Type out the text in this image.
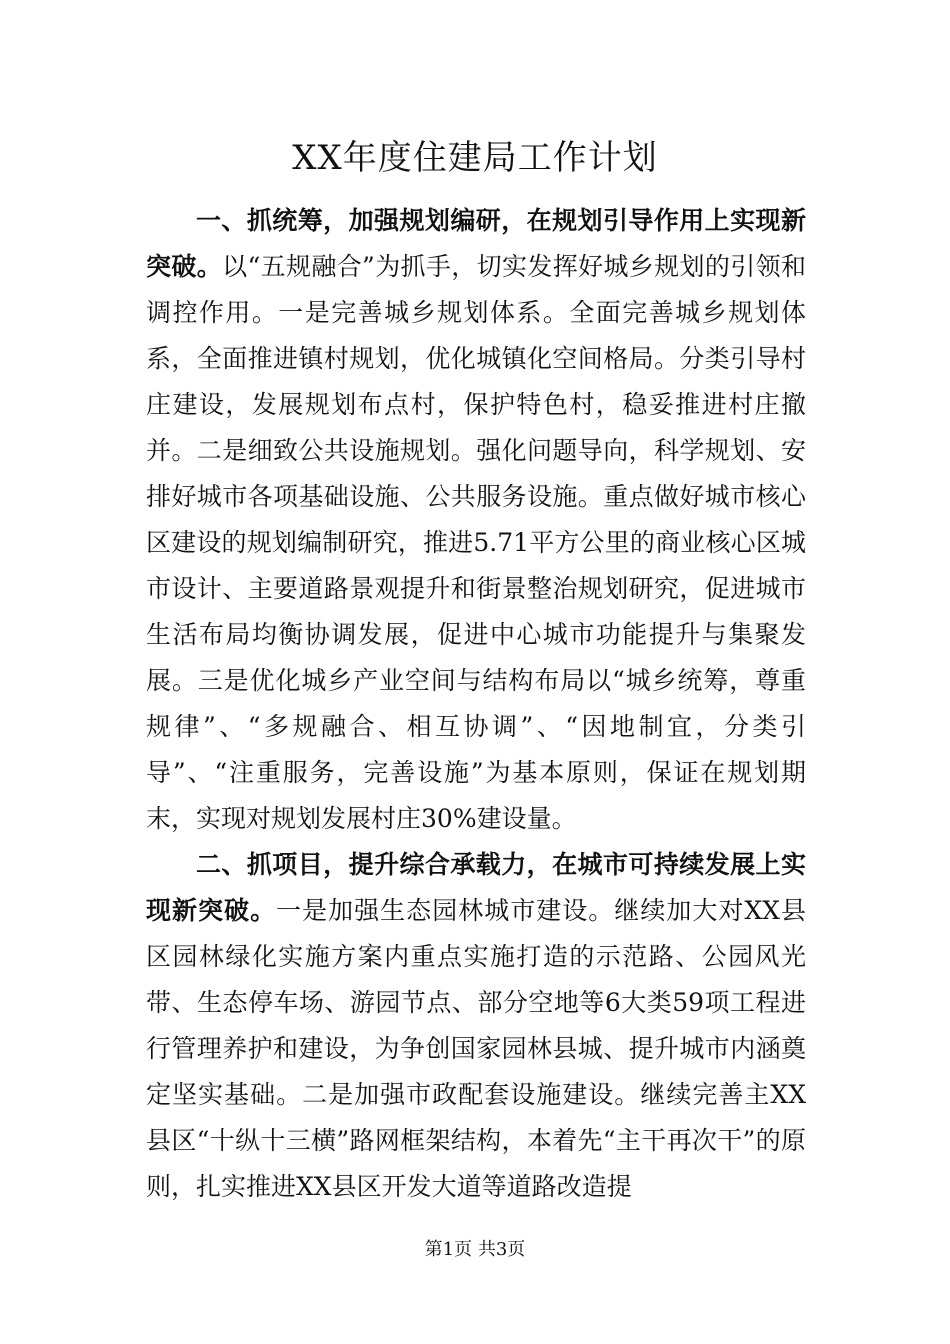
XX年度住建局工作计划

一、抓统筹，加强规划编研，在规划引导作用上实现新突破。以“五规融合”为抓手，切实发挥好城乡规划的引领和调控作用。一是完善城乡规划体系。全面完善城乡规划体系，全面推进镇村规划，优化城镇化空间格局。分类引导村庄建设，发展规划布点村，保护特色村，稳妥推进村庄撤并。二是细致公共设施规划。强化问题导向，科学规划、安排好城市各项基础设施、公共服务设施。重点做好城市核心区建设的规划编制研究，推进5.71平方公里的商业核心区城市设计、主要道路景观提升和街景整治规划研究，促进城市生活布局均衡协调发展，促进中心城市功能提升与集聚发展。三是优化城乡产业空间与结构布局以“城乡统筹，尊重规律”、“多规融合、相互协调”、“因地制宜，分类引导”、“注重服务，完善设施”为基本原则，保证在规划期末，实现对规划发展村庄30%建设量。

二、抓项目，提升综合承载力，在城市可持续发展上实现新突破。一是加强生态园林城市建设。继续加大对XX县区园林绿化实施方案内重点实施打造的示范路、公园风光带、生态停车场、游园节点、部分空地等6大类59项工程进行管理养护和建设，为争创国家园林县城、提升城市内涵奠定坚实基础。二是加强市政配套设施建设。继续完善主XX县区“十纵十三横”路网框架结构，本着先“主干再次干”的原则，扎实推进XX县区开发大道等道路改造提

第1页 共3页
